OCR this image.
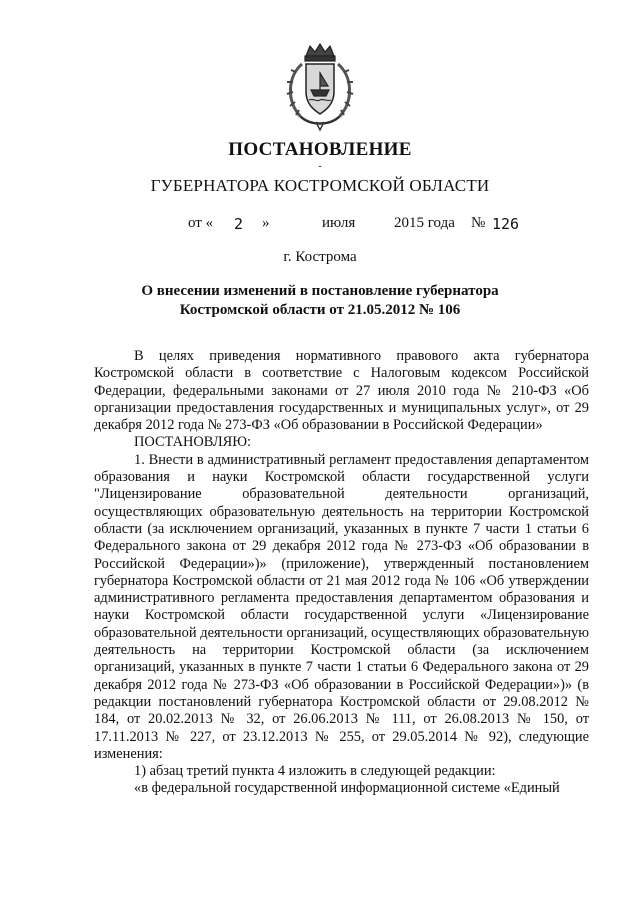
ПОСТАНОВЛЕНИЕ
-
ГУБЕРНАТОРА КОСТРОМСКОЙ ОБЛАСТИ
от « 2 »	июля	2015 года № 126
г. Кострома
О внесении изменений в постановление губернатора
Костромской области от 21.05.2012 № 106

В целях приведения нормативного правового акта губернатора Костромской области в соответствие с Налоговым кодексом Российской Федерации, федеральными законами от 27 июля 2010 года № 210-ФЗ «Об организации предоставления государственных и муниципальных услуг», от 29 декабря 2012 года № 273-ФЗ «Об образовании в Российской Федерации»

ПОСТАНОВЛЯЮ:

1. Внести в административный регламент предоставления департаментом образования и науки Костромской области государственной услуги "Лицензирование образовательной деятельности организаций, осуществляющих образовательную деятельность на территории Костромской области (за исключением организаций, указанных в пункте 7 части 1 статьи 6 Федерального закона от 29 декабря 2012 года № 273-ФЗ «Об образовании в Российской Федерации»)» (приложение), утвержденный постановлением губернатора Костромской области от 21 мая 2012 года № 106 «Об утверждении административного регламента предоставления департаментом образования и науки Костромской области государственной услуги «Лицензирование образовательной деятельности организаций, осуществляющих образовательную деятельность на территории Костромской области (за исключением организаций, указанных в пункте 7 части 1 статьи 6 Федерального закона от 29 декабря 2012 года № 273-ФЗ «Об образовании в Российской Федерации»)» (в редакции постановлений губернатора Костромской области от 29.08.2012 № 184, от 20.02.2013 № 32, от 26.06.2013 № 111, от 26.08.2013 № 150, от 17.11.2013 № 227, от 23.12.2013 № 255, от 29.05.2014 № 92), следующие изменения:

1) абзац третий пункта 4 изложить в следующей редакции:

«в федеральной государственной информационной системе «Единый
